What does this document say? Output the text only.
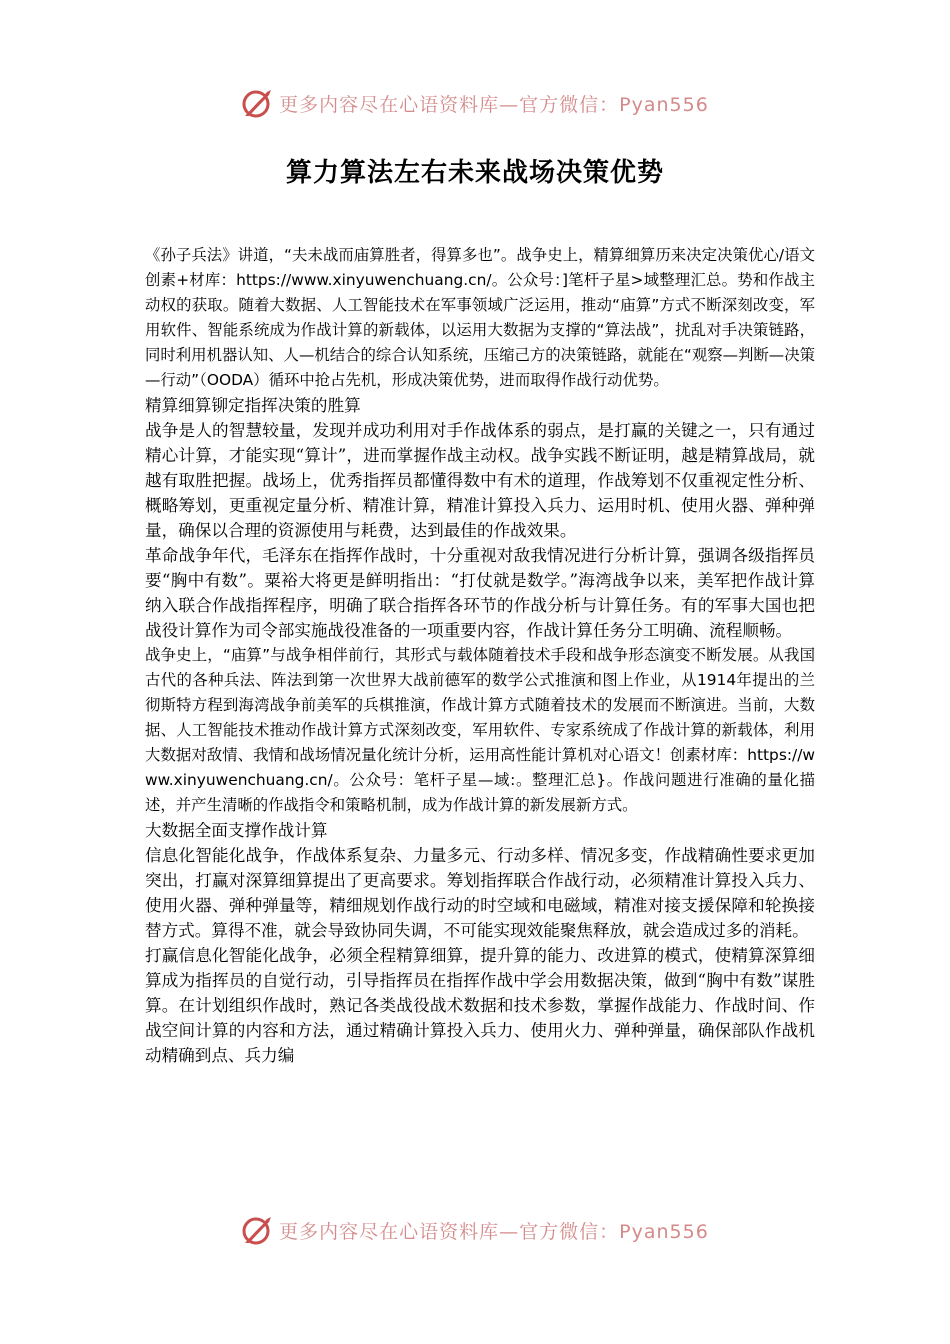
更多内容尽在心语资料库—官方微信：Pyan556
算力算法左右未来战场决策优势

《孙子兵法》讲道，“夫未战而庙算胜者，得算多也”。战争史上，精算细算历来决定决策优心/语文创素+材库：https://www.xinyuwenchuang.cn/。公众号：]笔杆子星>域整理汇总。势和作战主动权的获取。随着大数据、人工智能技术在军事领域广泛运用，推动“庙算”方式不断深刻改变，军用软件、智能系统成为作战计算的新载体，以运用大数据为支撑的“算法战”，扰乱对手决策链路，同时利用机器认知、人—机结合的综合认知系统，压缩己方的决策链路，就能在“观察—判断—决策—行动”（OODA）循环中抢占先机，形成决策优势，进而取得作战行动优势。

精算细算铆定指挥决策的胜算

战争是人的智慧较量，发现并成功利用对手作战体系的弱点，是打赢的关键之一，只有通过精心计算，才能实现“算计”，进而掌握作战主动权。战争实践不断证明，越是精算战局，就越有取胜把握。战场上，优秀指挥员都懂得数中有术的道理，作战筹划不仅重视定性分析、概略筹划，更重视定量分析、精准计算，精准计算投入兵力、运用时机、使用火器、弹种弹量，确保以合理的资源使用与耗费，达到最佳的作战效果。

革命战争年代，毛泽东在指挥作战时，十分重视对敌我情况进行分析计算，强调各级指挥员要“胸中有数”。粟裕大将更是鲜明指出：“打仗就是数学。”海湾战争以来，美军把作战计算纳入联合作战指挥程序，明确了联合指挥各环节的作战分析与计算任务。有的军事大国也把战役计算作为司令部实施战役准备的一项重要内容，作战计算任务分工明确、流程顺畅。

战争史上，“庙算”与战争相伴前行，其形式与载体随着技术手段和战争形态演变不断发展。从我国古代的各种兵法、阵法到第一次世界大战前德军的数学公式推演和图上作业，从1914年提出的兰彻斯特方程到海湾战争前美军的兵棋推演，作战计算方式随着技术的发展而不断演进。当前，大数据、人工智能技术推动作战计算方式深刻改变，军用软件、专家系统成了作战计算的新载体，利用大数据对敌情、我情和战场情况量化统计分析，运用高性能计算机对心语文！创素材库：https://www.xinyuwenchuang.cn/。公众号：笔杆子星—域:。整理汇总}。作战问题进行准确的量化描述，并产生清晰的作战指令和策略机制，成为作战计算的新发展新方式。

大数据全面支撑作战计算

信息化智能化战争，作战体系复杂、力量多元、行动多样、情况多变，作战精确性要求更加突出，打赢对深算细算提出了更高要求。筹划指挥联合作战行动，必须精准计算投入兵力、使用火器、弹种弹量等，精细规划作战行动的时空域和电磁域，精准对接支援保障和轮换接替方式。算得不准，就会导致协同失调，不可能实现效能聚焦释放，就会造成过多的消耗。

打赢信息化智能化战争，必须全程精算细算，提升算的能力、改进算的模式，使精算深算细算成为指挥员的自觉行动，引导指挥员在指挥作战中学会用数据决策，做到“胸中有数”谋胜算。在计划组织作战时，熟记各类战役战术数据和技术参数，掌握作战能力、作战时间、作战空间计算的内容和方法，通过精确计算投入兵力、使用火力、弹种弹量，确保部队作战机动精确到点、兵力编

更多内容尽在心语资料库—官方微信：Pyan556
